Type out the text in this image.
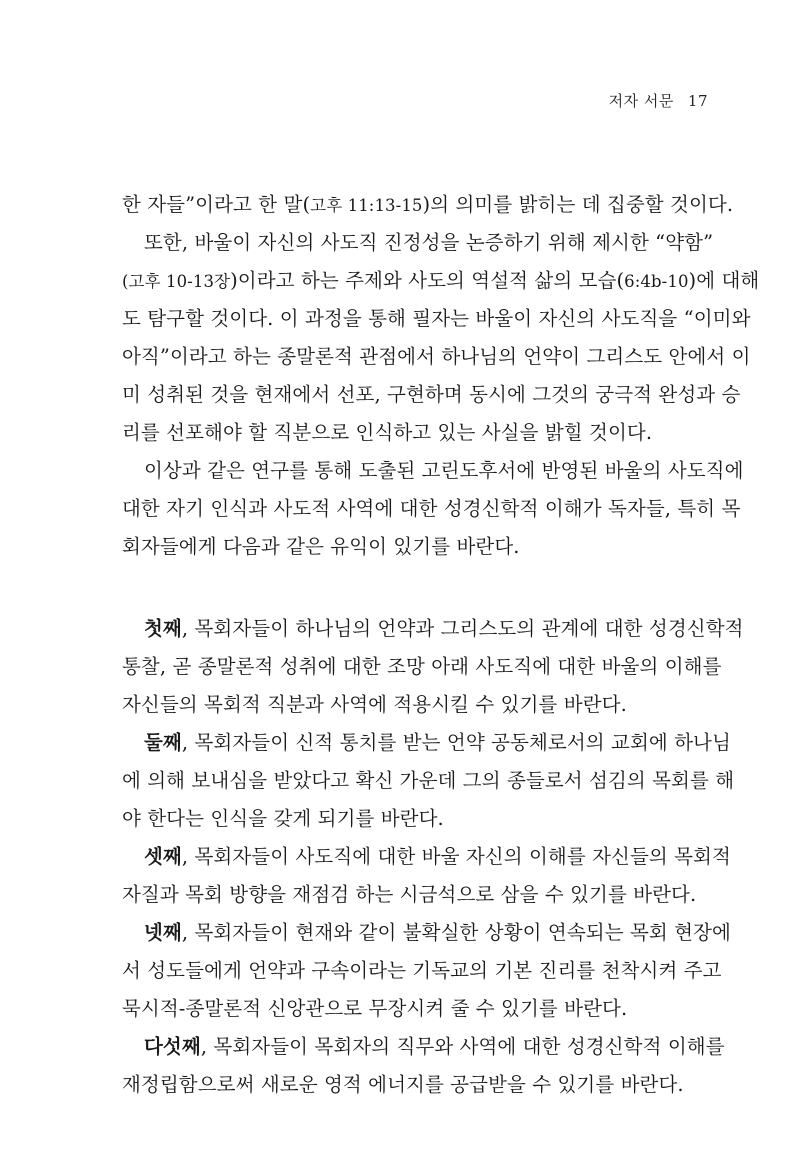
저자 서문 17
한 자들”이라고 한 말(고후 11:13-15)의 의미를 밝히는 데 집중할 것이다.
또한, 바울이 자신의 사도직 진정성을 논증하기 위해 제시한 “약함”
(고후 10-13장)이라고 하는 주제와 사도의 역설적 삶의 모습(6:4b-10)에 대해
도 탐구할 것이다. 이 과정을 통해 필자는 바울이 자신의 사도직을 “이미와
아직”이라고 하는 종말론적 관점에서 하나님의 언약이 그리스도 안에서 이
미 성취된 것을 현재에서 선포, 구현하며 동시에 그것의 궁극적 완성과 승
리를 선포해야 할 직분으로 인식하고 있는 사실을 밝힐 것이다.
이상과 같은 연구를 통해 도출된 고린도후서에 반영된 바울의 사도직에
대한 자기 인식과 사도적 사역에 대한 성경신학적 이해가 독자들, 특히 목
회자들에게 다음과 같은 유익이 있기를 바란다.
첫째, 목회자들이 하나님의 언약과 그리스도의 관계에 대한 성경신학적
통찰, 곧 종말론적 성취에 대한 조망 아래 사도직에 대한 바울의 이해를
자신들의 목회적 직분과 사역에 적용시킬 수 있기를 바란다.
둘째, 목회자들이 신적 통치를 받는 언약 공동체로서의 교회에 하나님
에 의해 보내심을 받았다고 확신 가운데 그의 종들로서 섬김의 목회를 해
야 한다는 인식을 갖게 되기를 바란다.
셋째, 목회자들이 사도직에 대한 바울 자신의 이해를 자신들의 목회적
자질과 목회 방향을 재점검 하는 시금석으로 삼을 수 있기를 바란다.
넷째, 목회자들이 현재와 같이 불확실한 상황이 연속되는 목회 현장에
서 성도들에게 언약과 구속이라는 기독교의 기본 진리를 천착시켜 주고
묵시적-종말론적 신앙관으로 무장시켜 줄 수 있기를 바란다.
다섯째, 목회자들이 목회자의 직무와 사역에 대한 성경신학적 이해를
재정립함으로써 새로운 영적 에너지를 공급받을 수 있기를 바란다.
